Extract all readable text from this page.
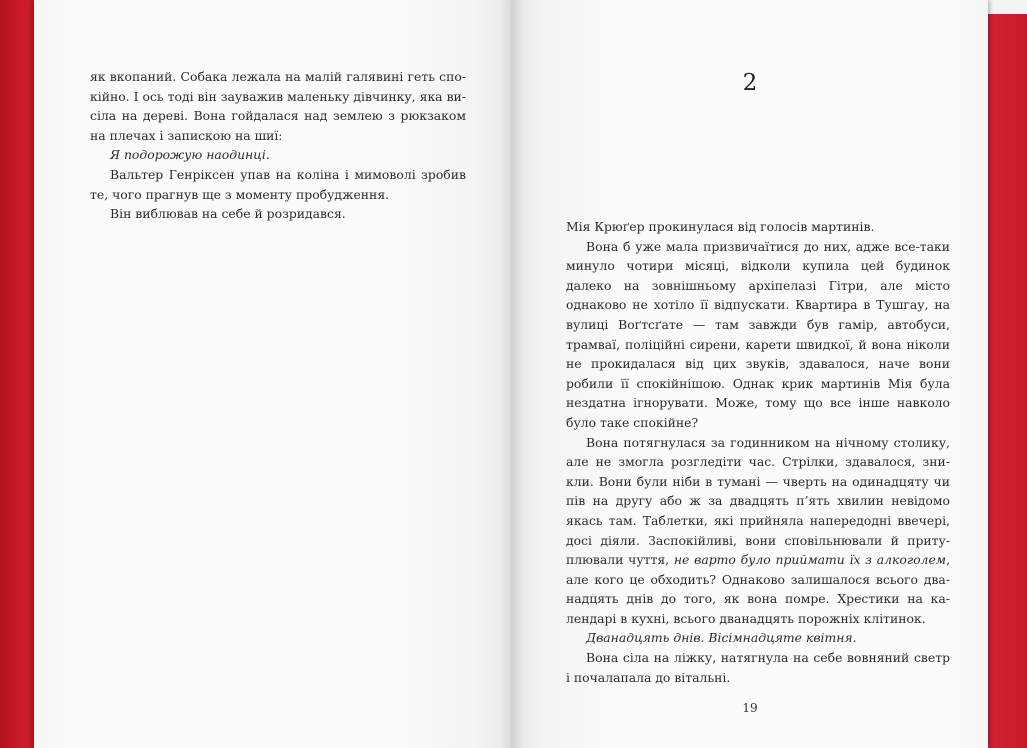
як вкопаний. Собака лежала на малій галявині геть спокійно. І ось тоді він зауважив маленьку дівчинку, яка висіла на дереві. Вона гойдалася над землею з рюкзаком на плечах і запискою на шиї:

Я подорожую наодинці.

Вальтер Генріксен упав на коліна і мимоволі зробив те, чого прагнув ще з моменту пробудження.

Він виблював на себе й розридався.

2

Мія Крюґер прокинулася від голосів мартинів.

Вона б уже мала призвичаїтися до них, адже все-таки минуло чотири місяці, відколи купила цей будинок далеко на зовнішньому архіпелазі Гітри, але місто однаково не хотіло її відпускати. Квартира в Тушгау, на вулиці Воґтсґате — там завжди був гамір, автобуси, трамваї, поліційні сирени, карети швидкої, й вона ніколи не прокидалася від цих звуків, здавалося, наче вони робили її спокійнішою. Однак крик мартинів Мія була нездатна ігнорувати. Може, тому що все інше навколо було таке спокійне?

Вона потягнулася за годинником на нічному столику, але не змогла розгледіти час. Стрілки, здавалося, зникли. Вони були ніби в тумані — чверть на одинадцяту чи пів на другу або ж за двадцять п’ять хвилин невідомо якась там. Таблетки, які прийняла напередодні ввечері, досі діяли. Заспокійливі, вони сповільнювали й притуплювали чуття, не варто було приймати їх з алкоголем, але кого це обходить? Однаково залишалося всього дванадцять днів до того, як вона помре. Хрестики на календарі в кухні, всього дванадцять порожніх клітинок.

Дванадцять днів. Вісімнадцяте квітня.

Вона сіла на ліжку, натягнула на себе вовняний светр і почалапала до вітальні.

19
